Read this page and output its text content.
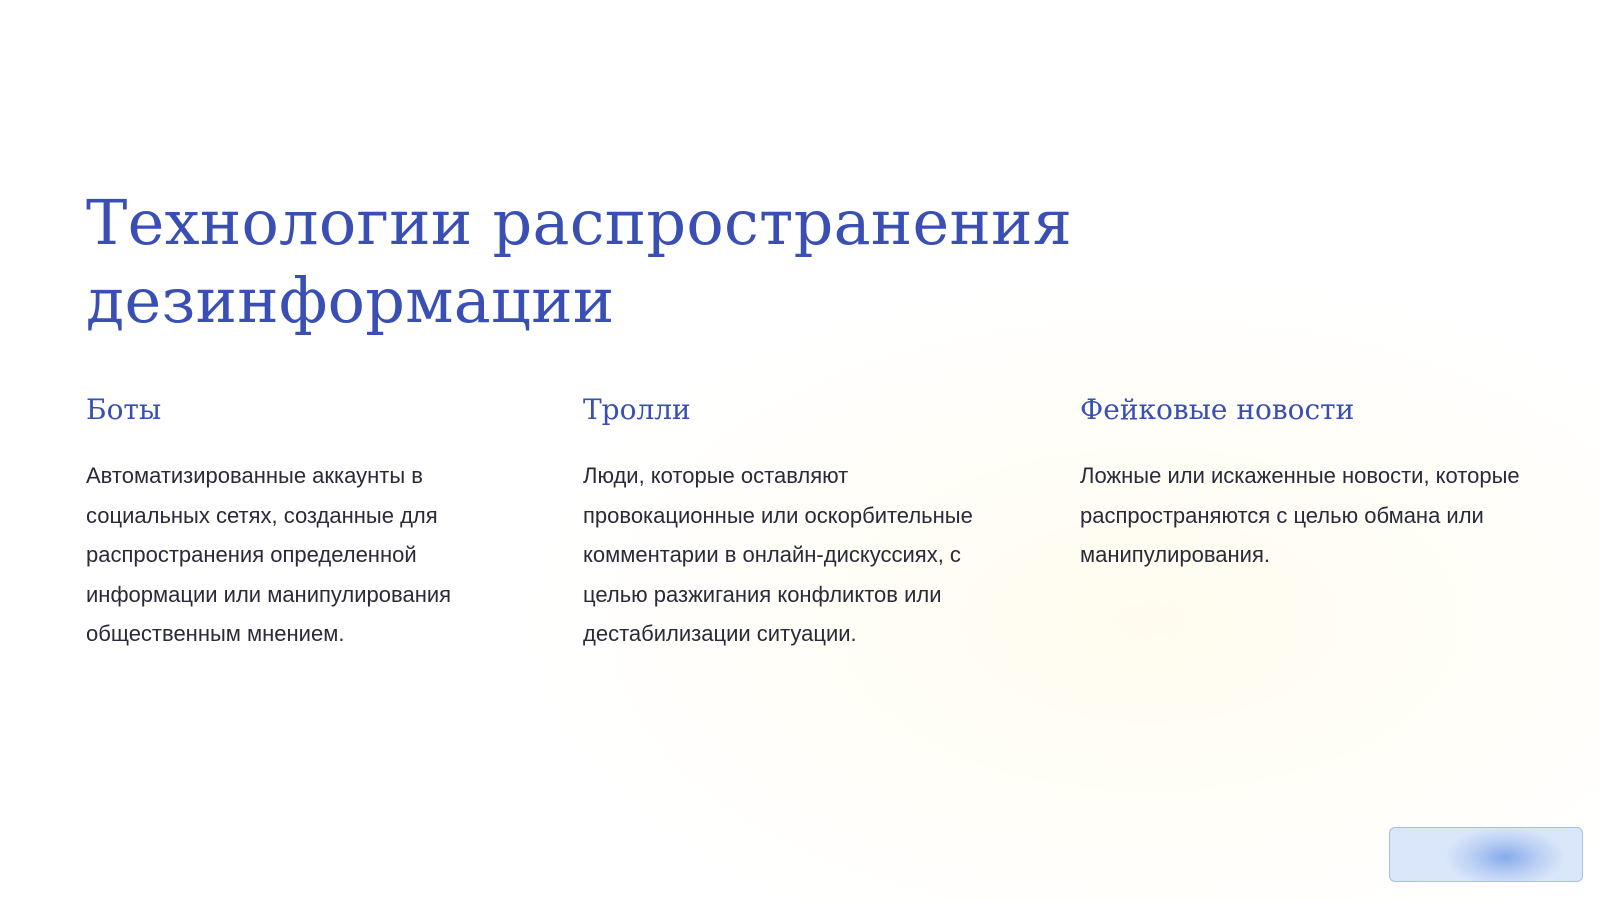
Технологии распространения дезинформации
Боты

Автоматизированные аккаунты в социальных сетях, созданные для распространения определенной информации или манипулирования общественным мнением.

Тролли

Люди, которые оставляют провокационные или оскорбительные комментарии в онлайн-дискуссиях, с целью разжигания конфликтов или дестабилизации ситуации.

Фейковые новости

Ложные или искаженные новости, которые распространяются с целью обмана или манипулирования.
